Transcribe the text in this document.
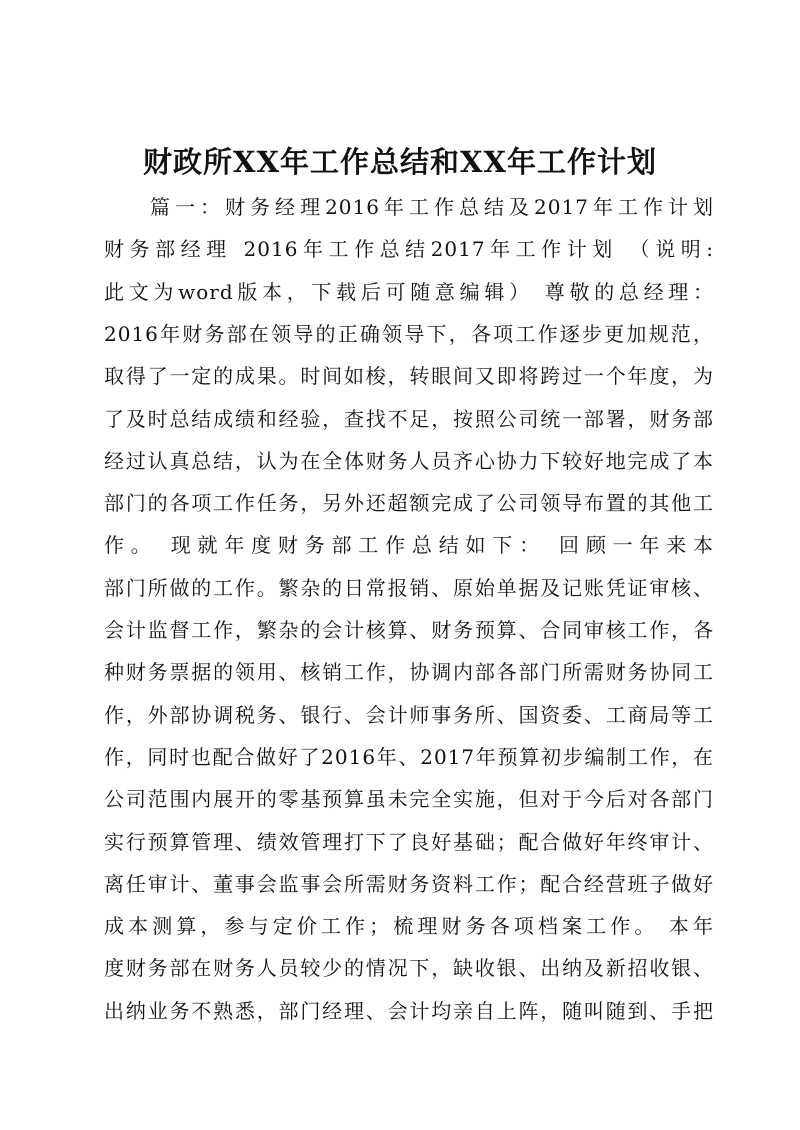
财政所XX年工作总结和XX年工作计划
篇一：财务经理2016年工作总结及2017年工作计划
财务部经理 2016年工作总结2017年工作计划 （说明:
此文为word版本，下载后可随意编辑） 尊敬的总经理：
2016年财务部在领导的正确领导下，各项工作逐步更加规范，
取得了一定的成果。时间如梭，转眼间又即将跨过一个年度，为
了及时总结成绩和经验，查找不足，按照公司统一部署，财务部
经过认真总结，认为在全体财务人员齐心协力下较好地完成了本
部门的各项工作任务，另外还超额完成了公司领导布置的其他工
作。 现就年度财务部工作总结如下： 回顾一年来本
部门所做的工作。繁杂的日常报销、原始单据及记账凭证审核、
会计监督工作，繁杂的会计核算、财务预算、合同审核工作，各
种财务票据的领用、核销工作，协调内部各部门所需财务协同工
作，外部协调税务、银行、会计师事务所、国资委、工商局等工
作，同时也配合做好了2016年、2017年预算初步编制工作，在
公司范围内展开的零基预算虽未完全实施，但对于今后对各部门
实行预算管理、绩效管理打下了良好基础；配合做好年终审计、
离任审计、董事会监事会所需财务资料工作；配合经营班子做好
成本测算，参与定价工作；梳理财务各项档案工作。 本年
度财务部在财务人员较少的情况下，缺收银、出纳及新招收银、
出纳业务不熟悉，部门经理、会计均亲自上阵，随叫随到、手把
